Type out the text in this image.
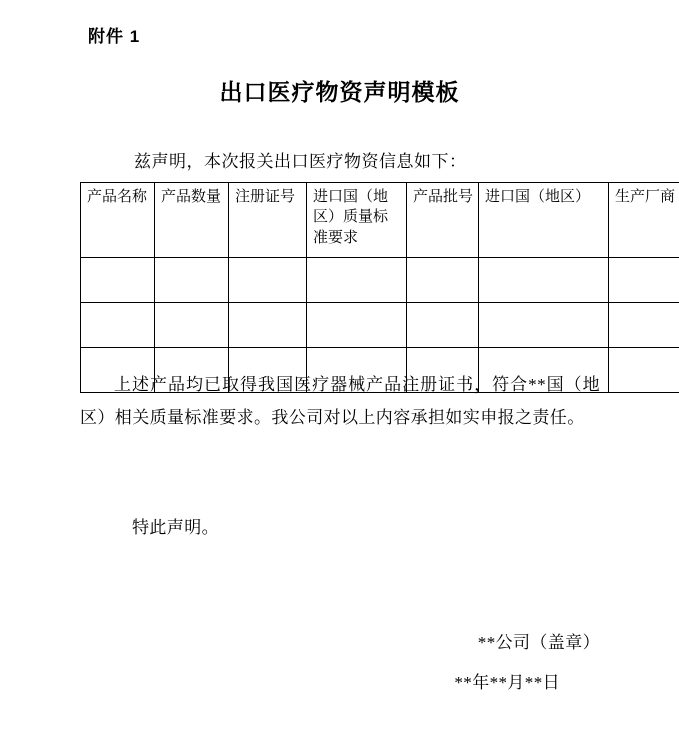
附件 1
出口医疗物资声明模板
兹声明，本次报关出口医疗物资信息如下：
产品名称	产品数量	注册证号	进口国（地区）质量标准要求	产品批号	进口国（地区）	生产厂商

上述产品均已取得我国医疗器械产品注册证书，符合**国（地区）相关质量标准要求。我公司对以上内容承担如实申报之责任。
特此声明。
**公司（盖章）
**年**月**日
